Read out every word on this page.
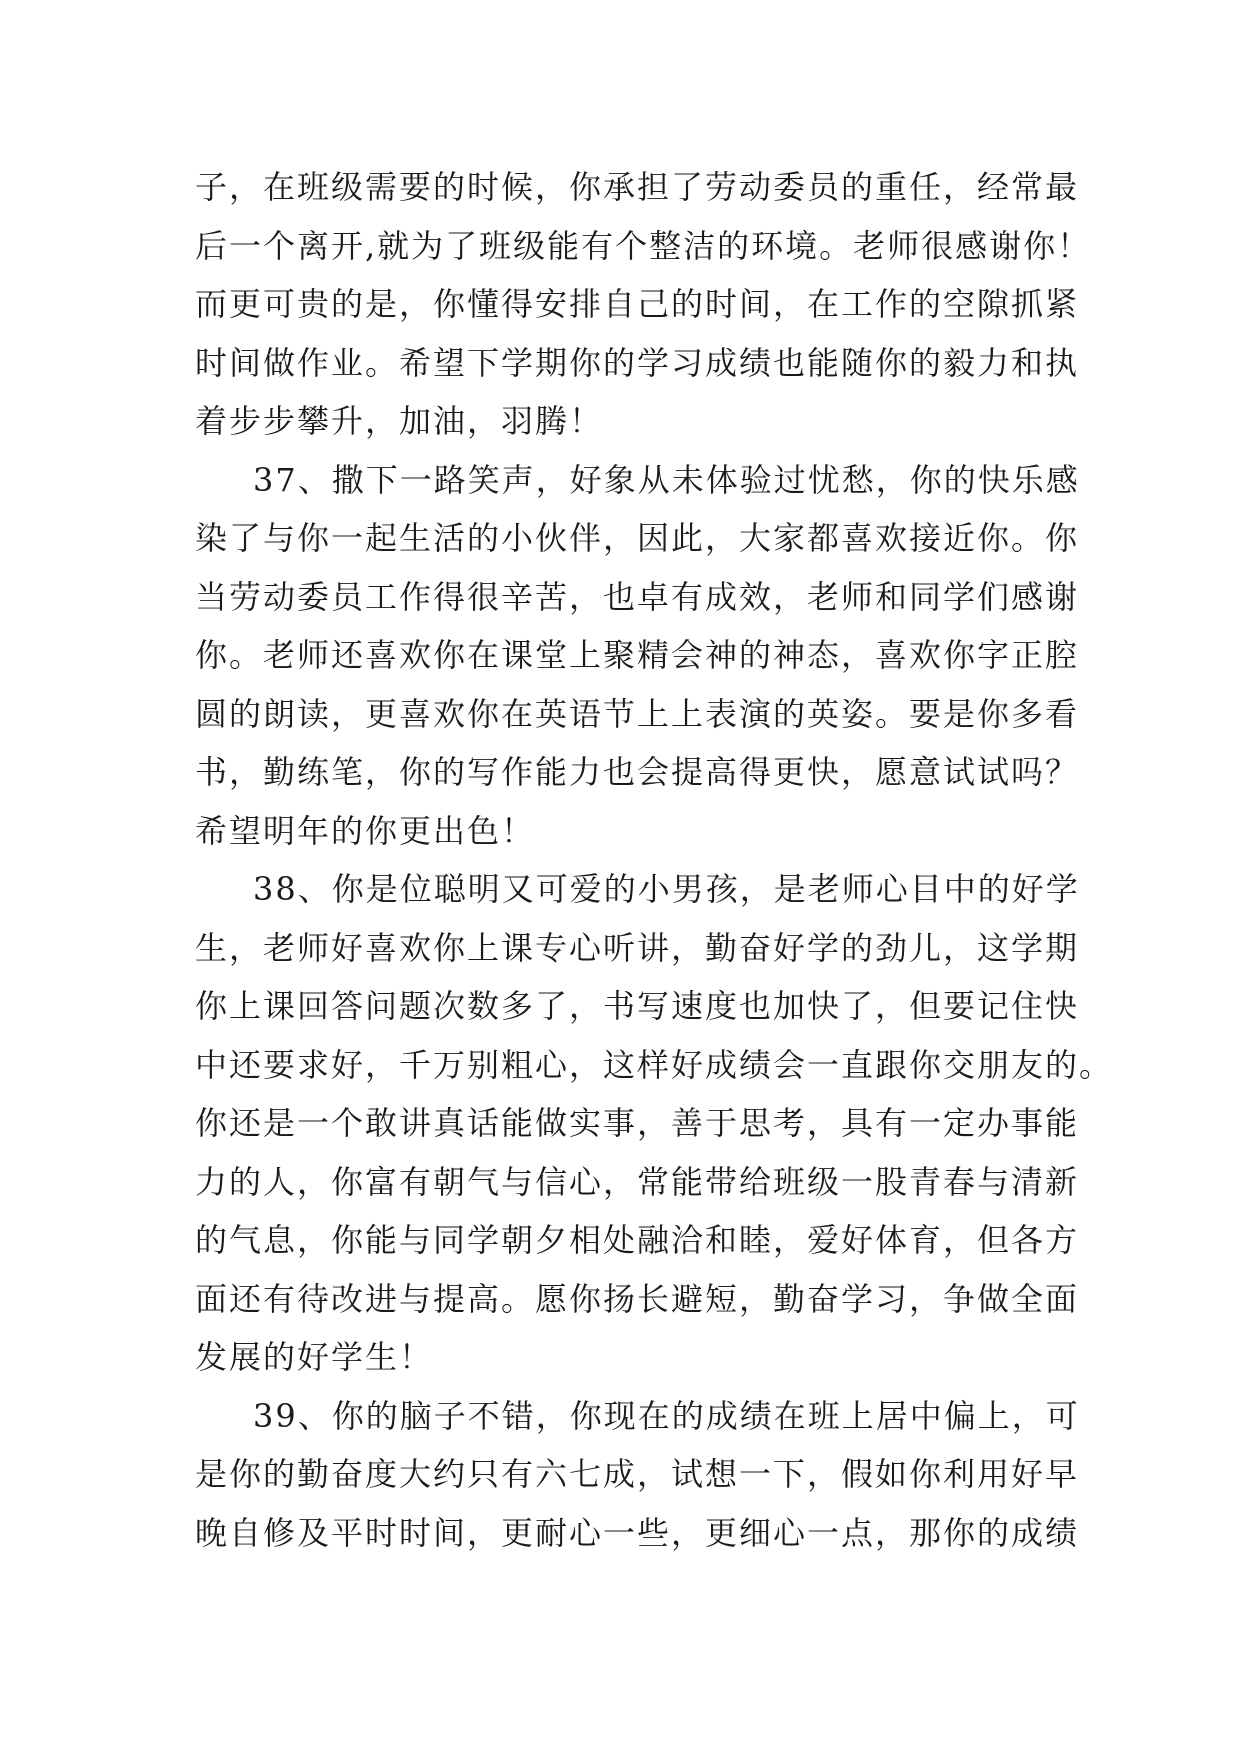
子，在班级需要的时候，你承担了劳动委员的重任，经常最
后一个离开,就为了班级能有个整洁的环境。老师很感谢你！
而更可贵的是，你懂得安排自己的时间，在工作的空隙抓紧
时间做作业。希望下学期你的学习成绩也能随你的毅力和执
着步步攀升，加油，羽腾！
37、撒下一路笑声，好象从未体验过忧愁，你的快乐感
染了与你一起生活的小伙伴，因此，大家都喜欢接近你。你
当劳动委员工作得很辛苦，也卓有成效，老师和同学们感谢
你。老师还喜欢你在课堂上聚精会神的神态，喜欢你字正腔
圆的朗读，更喜欢你在英语节上上表演的英姿。要是你多看
书，勤练笔，你的写作能力也会提高得更快，愿意试试吗？
希望明年的你更出色！
38、你是位聪明又可爱的小男孩，是老师心目中的好学
生，老师好喜欢你上课专心听讲，勤奋好学的劲儿，这学期
你上课回答问题次数多了，书写速度也加快了，但要记住快
中还要求好，千万别粗心，这样好成绩会一直跟你交朋友的。
你还是一个敢讲真话能做实事，善于思考，具有一定办事能
力的人，你富有朝气与信心，常能带给班级一股青春与清新
的气息，你能与同学朝夕相处融洽和睦，爱好体育，但各方
面还有待改进与提高。愿你扬长避短，勤奋学习，争做全面
发展的好学生！
39、你的脑子不错，你现在的成绩在班上居中偏上，可
是你的勤奋度大约只有六七成，试想一下，假如你利用好早
晚自修及平时时间，更耐心一些，更细心一点，那你的成绩
